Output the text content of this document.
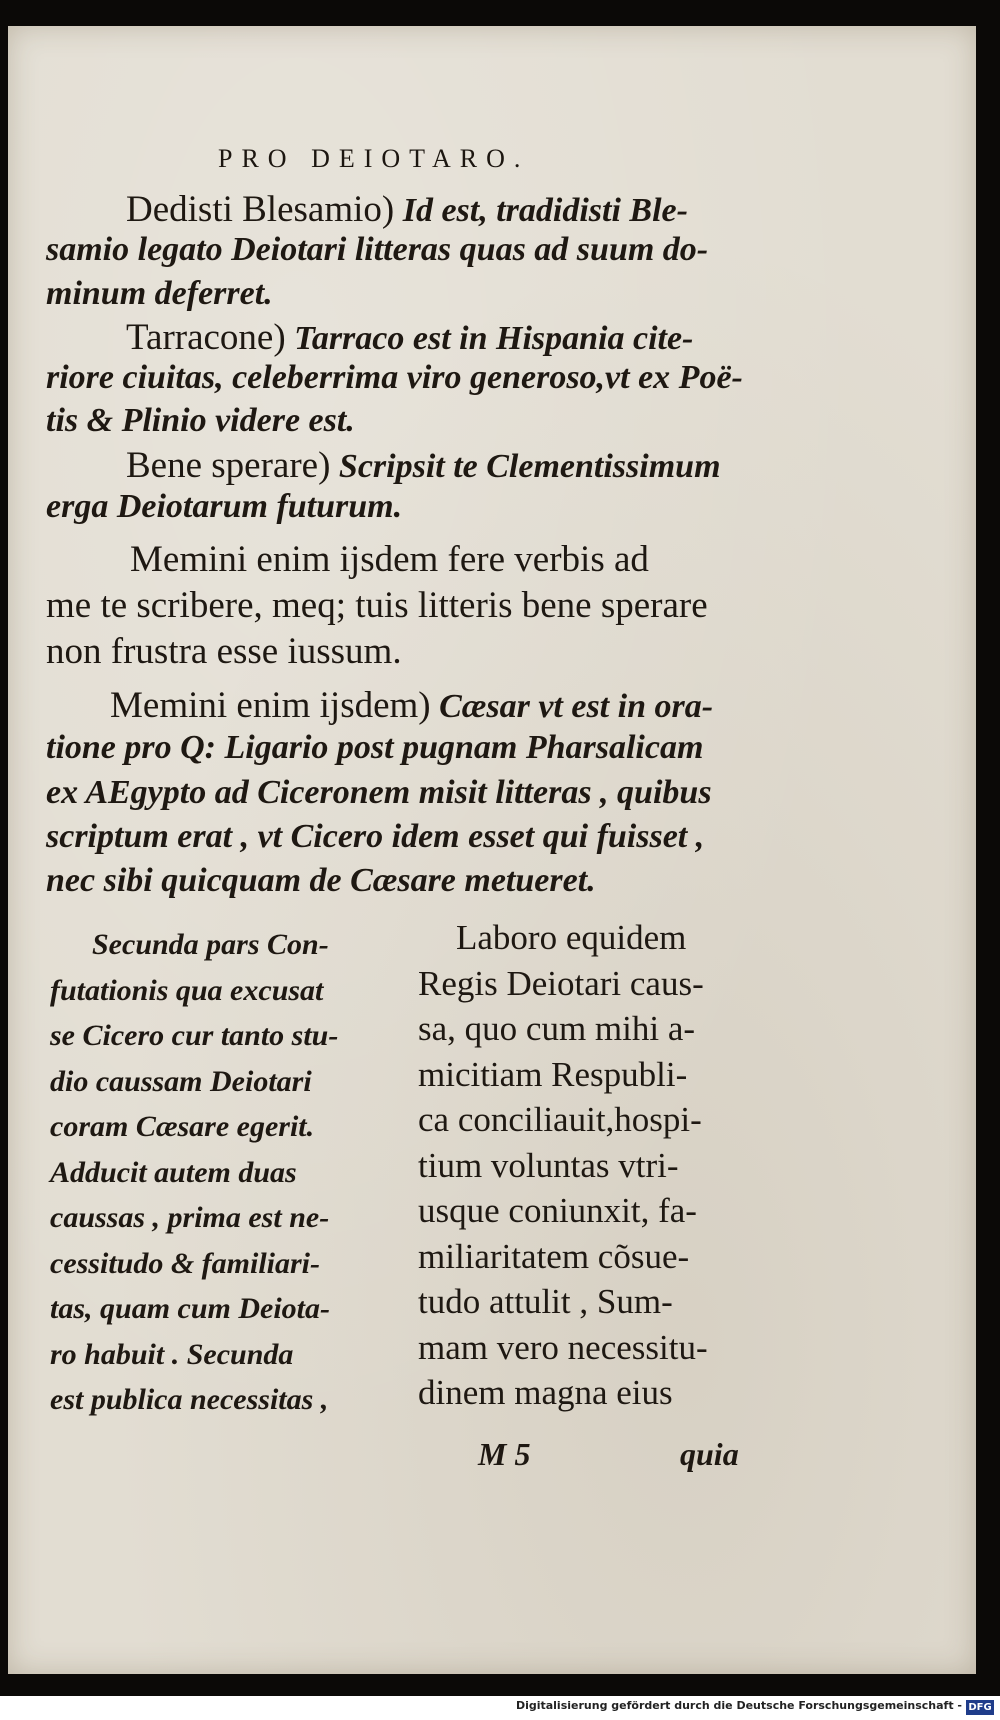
PRO DEIOTARO.
Dedisti Blesamio) Id est, tradidisti Ble-
samio legato Deiotari litteras quas ad suum do-
minum deferret.
Tarracone) Tarraco est in Hispania cite-
riore ciuitas, celeberrima viro generoso,vt ex Poë-
tis & Plinio videre est.
Bene sperare) Scripsit te Clementissimum
erga Deiotarum futurum.
Memini enim ijsdem fere verbis ad
me te scribere, meq; tuis litteris bene sperare
non frustra esse iussum.
Memini enim ijsdem) Cæsar vt est in ora-
tione pro Q: Ligario post pugnam Pharsalicam
ex AEgypto ad Ciceronem misit litteras , quibus
scriptum erat , vt Cicero idem esset qui fuisset ,
nec sibi quicquam de Cæsare metueret.
Secunda pars Con-
futationis qua excusat
se Cicero cur tanto stu-
dio caussam Deiotari
coram Cæsare egerit.
Adducit autem duas
caussas , prima est ne-
cessitudo & familiari-
tas, quam cum Deiota-
ro habuit . Secunda
est publica necessitas ,
Laboro equidem
Regis Deiotari caus-
sa, quo cum mihi a-
micitiam Respubli-
ca conciliauit,hospi-
tium voluntas vtri-
usque coniunxit, fa-
miliaritatem cõsue-
tudo attulit , Sum-
mam vero necessitu-
dinem magna eius
M 5	quia
Digitalisierung gefördert durch die Deutsche Forschungsgemeinschaft - DFG
